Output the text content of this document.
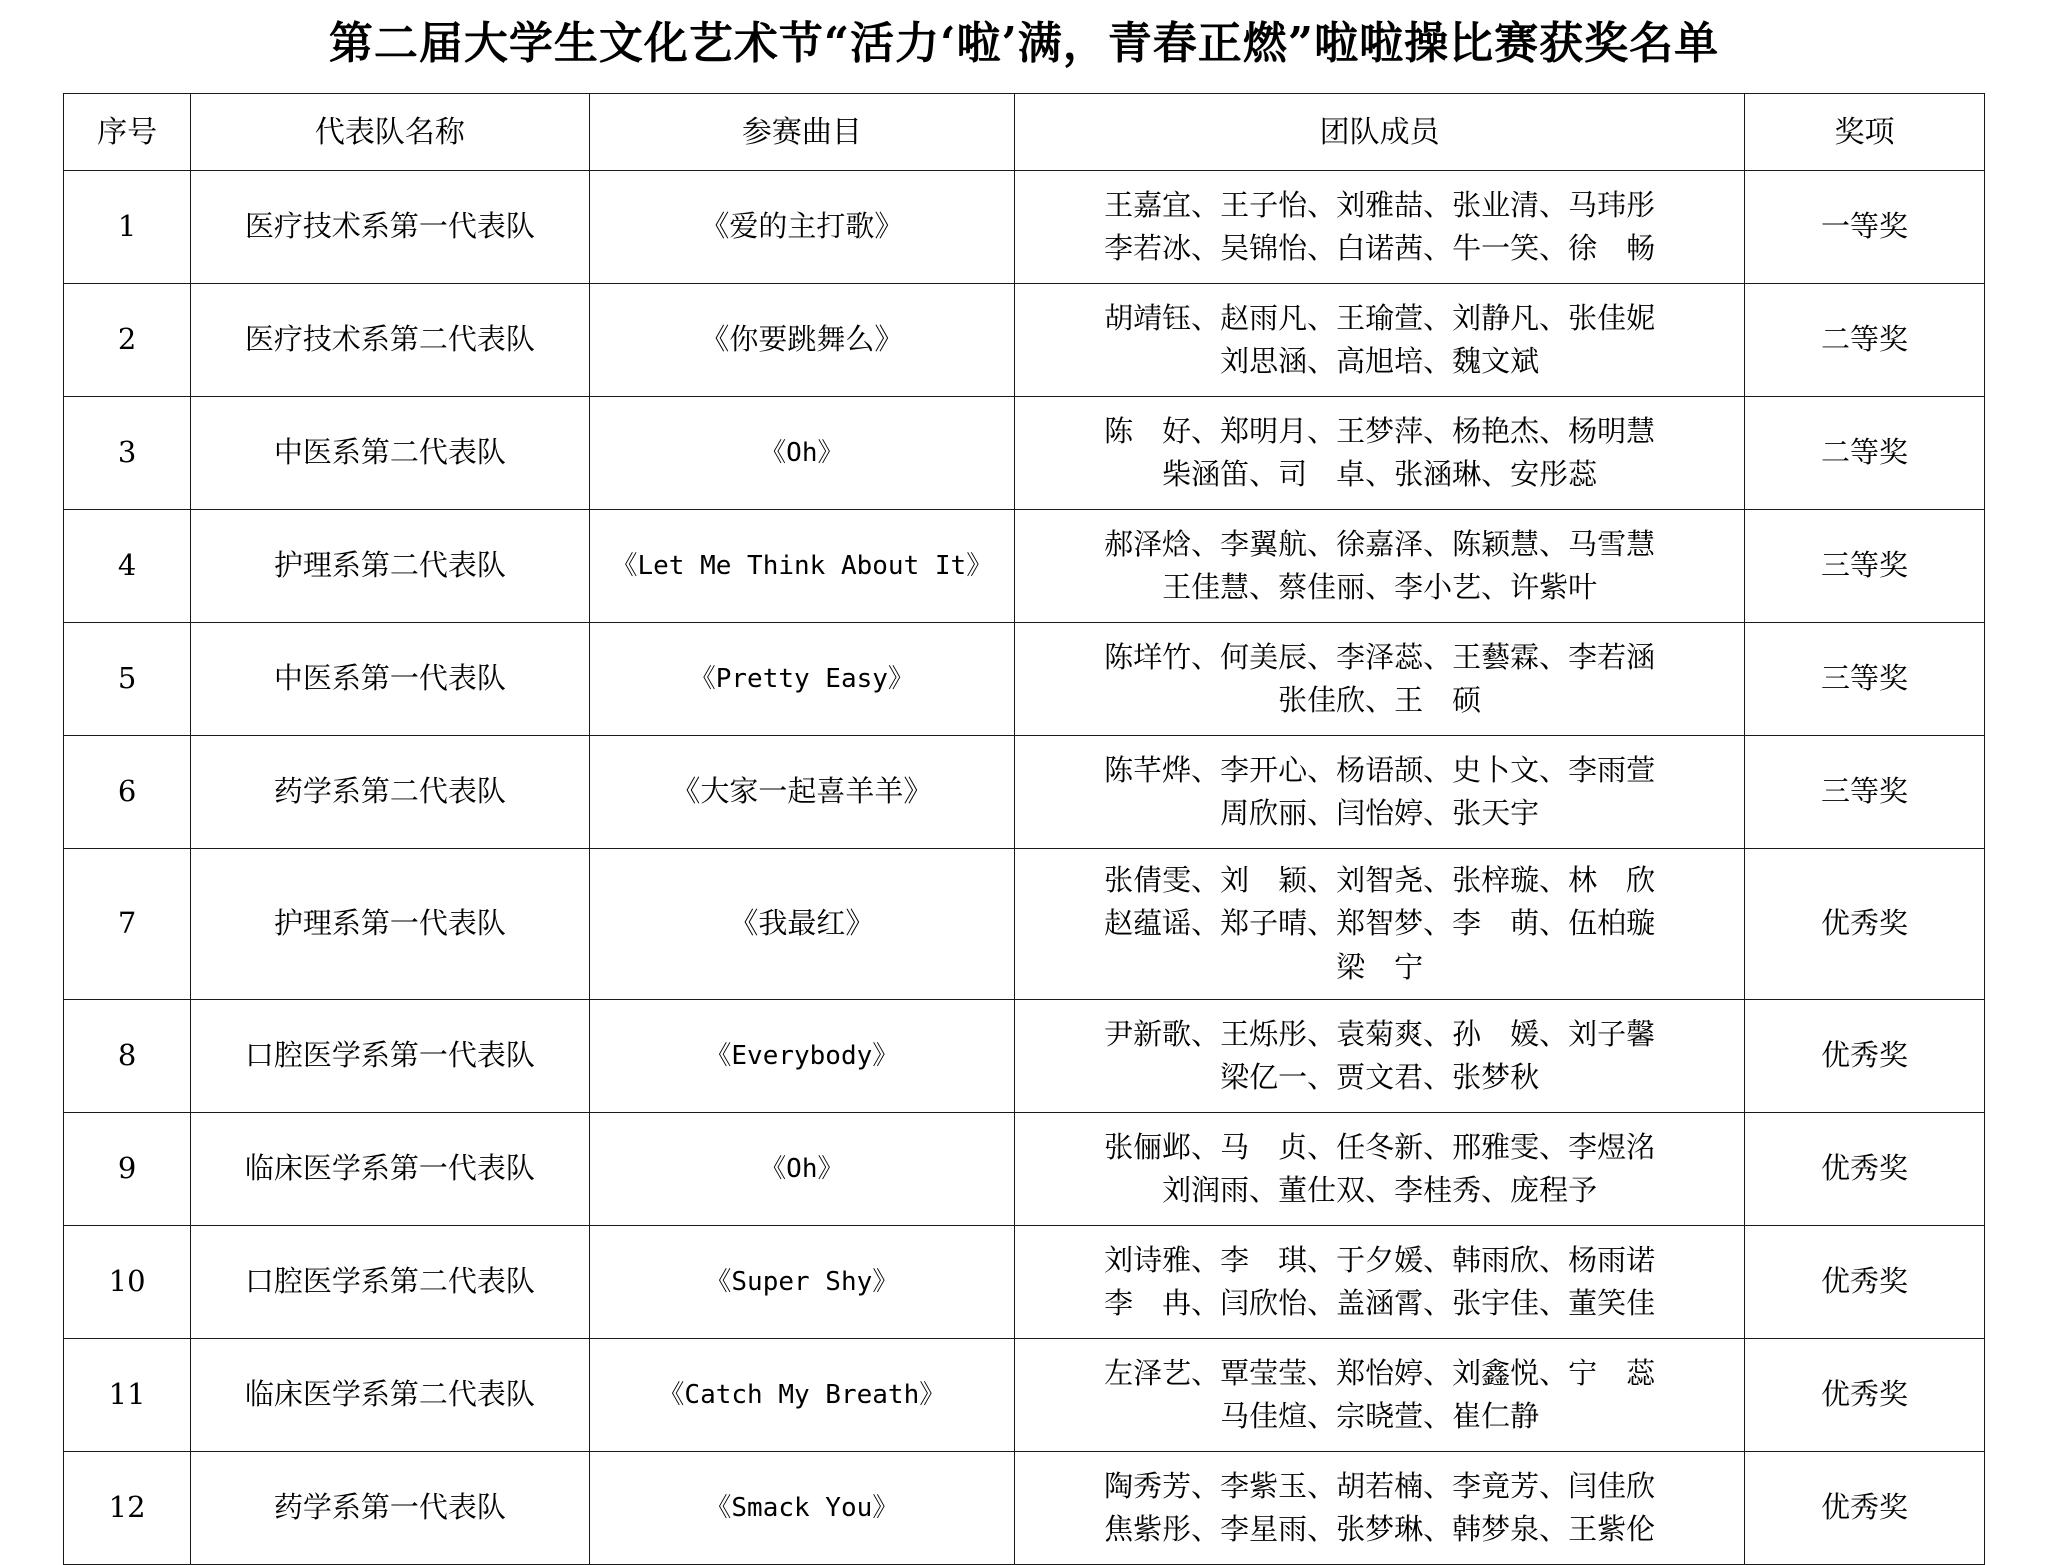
第二届大学生文化艺术节“活力‘啦’满，青春正燃”啦啦操比赛获奖名单
序号	代表队名称	参赛曲目	团队成员	奖项
1	医疗技术系第一代表队	《爱的主打歌》	王嘉宜、王子怡、刘雅喆、张业清、马玮彤
李若冰、吴锦怡、白诺茜、牛一笑、徐　畅	一等奖
2	医疗技术系第二代表队	《你要跳舞么》	胡靖钰、赵雨凡、王瑜萱、刘静凡、张佳妮
刘思涵、高旭培、魏文斌	二等奖
3	中医系第二代表队	《Oh》	陈　好、郑明月、王梦萍、杨艳杰、杨明慧
柴涵笛、司　卓、张涵琳、安彤蕊	二等奖
4	护理系第二代表队	《Let Me Think About It》	郝泽焓、李翼航、徐嘉泽、陈颖慧、马雪慧
王佳慧、蔡佳丽、李小艺、许紫叶	三等奖
5	中医系第一代表队	《Pretty Easy》	陈垟竹、何美辰、李泽蕊、王藝霖、李若涵
张佳欣、王　硕	三等奖
6	药学系第二代表队	《大家一起喜羊羊》	陈芊烨、李开心、杨语颉、史卜文、李雨萱
周欣丽、闫怡婷、张天宇	三等奖
7	护理系第一代表队	《我最红》	张倩雯、刘　颖、刘智尧、张梓璇、林　欣
赵蕴谣、郑子晴、郑智梦、李　萌、伍柏璇
梁　宁	优秀奖
8	口腔医学系第一代表队	《Everybody》	尹新歌、王烁彤、袁菊爽、孙　媛、刘子馨
梁亿一、贾文君、张梦秋	优秀奖
9	临床医学系第一代表队	《Oh》	张俪邺、马　贞、任冬新、邢雅雯、李煜洺
刘润雨、董仕双、李桂秀、庞程予	优秀奖
10	口腔医学系第二代表队	《Super Shy》	刘诗雅、李　琪、于夕媛、韩雨欣、杨雨诺
李　冉、闫欣怡、盖涵霄、张宇佳、董笑佳	优秀奖
11	临床医学系第二代表队	《Catch My Breath》	左泽艺、覃莹莹、郑怡婷、刘鑫悦、宁　蕊
马佳煊、宗晓萱、崔仁静	优秀奖
12	药学系第一代表队	《Smack You》	陶秀芳、李紫玉、胡若楠、李竟芳、闫佳欣
焦紫彤、李星雨、张梦琳、韩梦泉、王紫伦	优秀奖
